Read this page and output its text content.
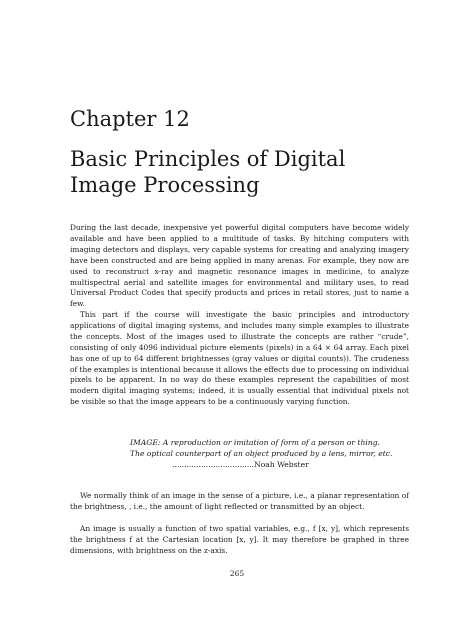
Chapter 12
Basic Principles of Digital Image Processing

During the last decade, inexpensive yet powerful digital computers have become widely available and have been applied to a multitude of tasks. By hitching computers with imaging detectors and displays, very capable systems for creating and analyzing imagery have been constructed and are being applied in many arenas. For example, they now are used to reconstruct x-ray and magnetic resonance images in medicine, to analyze multispectral aerial and satellite images for environmental and military uses, to read Universal Product Codes that specify products and prices in retail stores, just to name a few.

This part if the course will investigate the basic principles and introductory applications of digital imaging systems, and includes many simple examples to illustrate the concepts. Most of the images used to illustrate the concepts are rather “crude”, consisting of only 4096 individual picture elements (pixels) in a 64 × 64 array. Each pixel has one of up to 64 different brightnesses (gray values or digital counts)). The crudeness of the examples is intentional because it allows the effects due to processing on individual pixels to be apparent. In no way do these examples represent the capabilities of most modern digital imaging systems; indeed, it is usually essential that individual pixels not be visible so that the image appears to be a continuously varying function.

IMAGE: A reproduction or imitation of form of a person or thing.
The optical counterpart of an object produced by a lens, mirror, etc.
..................................Noah Webster

We normally think of an image in the sense of a picture, i.e., a planar representation of the brightness, , i.e., the amount of light reflected or transmitted by an object.

An image is usually a function of two spatial variables, e.g., f [x, y], which represents the brightness f at the Cartesian location [x, y]. It may therefore be graphed in three dimensions, with brightness on the z-axis.

265
